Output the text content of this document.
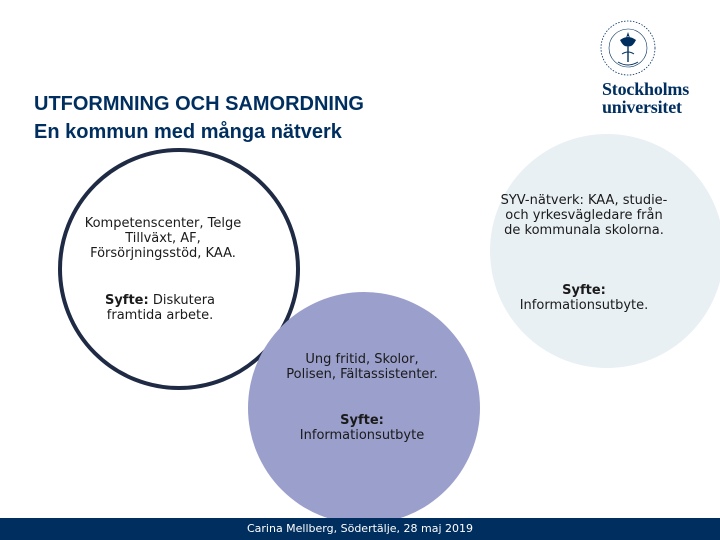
UTFORMNING OCH SAMORDNING
En kommun med många nätverk
Stockholms
universitet
Kompetenscenter, Telge Tillväxt, AF, Försörjningsstöd, KAA.
Syfte: Diskutera framtida arbete.
SYV-nätverk: KAA, studie- och yrkesvägledare från de kommunala skolorna.
Syfte:
Informationsutbyte.
Ung fritid, Skolor, Polisen, Fältassistenter.
Syfte:
Informationsutbyte
Carina Mellberg, Södertälje, 28 maj 2019
